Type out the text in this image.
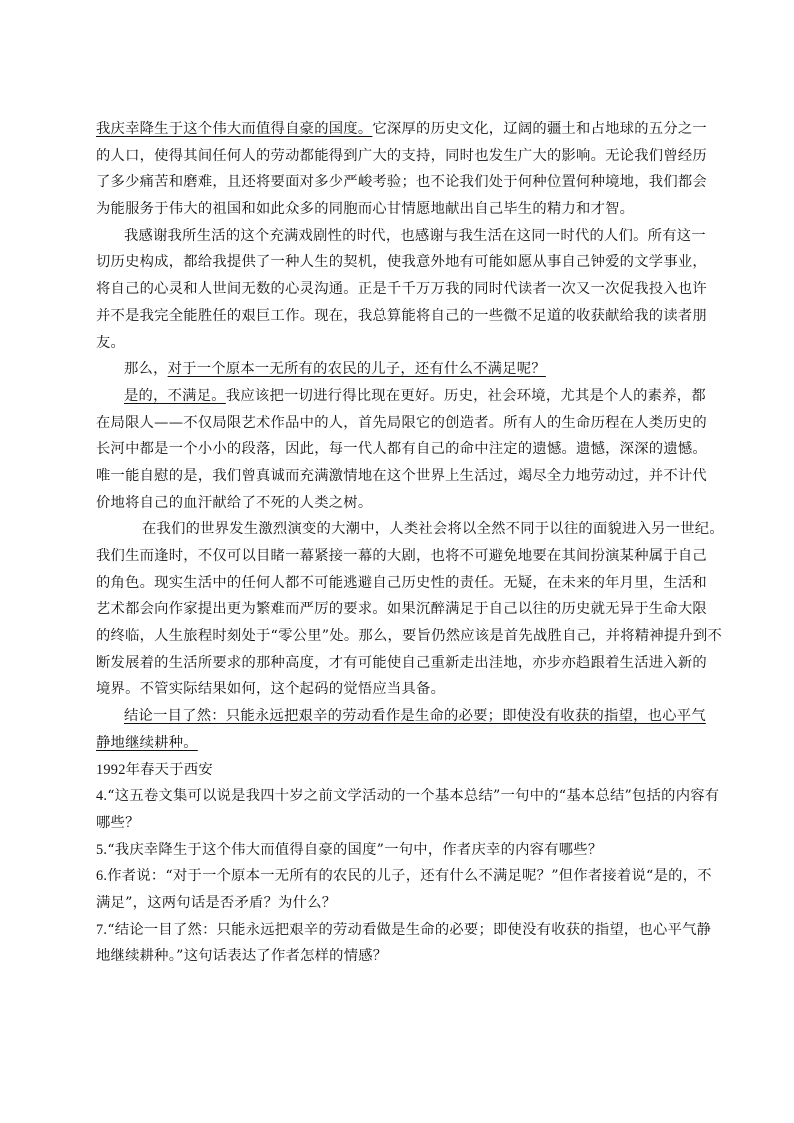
我庆幸降生于这个伟大而值得自豪的国度。它深厚的历史文化，辽阔的疆土和占地球的五分之一
的人口，使得其间任何人的劳动都能得到广大的支持，同时也发生广大的影响。无论我们曾经历
了多少痛苦和磨难，且还将要面对多少严峻考验；也不论我们处于何种位置何种境地，我们都会
为能服务于伟大的祖国和如此众多的同胞而心甘情愿地献出自己毕生的精力和才智。
我感谢我所生活的这个充满戏剧性的时代，也感谢与我生活在这同一时代的人们。所有这一
切历史构成，都给我提供了一种人生的契机，使我意外地有可能如愿从事自己钟爱的文学事业，
将自己的心灵和人世间无数的心灵沟通。正是千千万万我的同时代读者一次又一次促我投入也许
并不是我完全能胜任的艰巨工作。现在，我总算能将自己的一些微不足道的收获献给我的读者朋
友。
那么，对于一个原本一无所有的农民的儿子，还有什么不满足呢？
是的，不满足。我应该把一切进行得比现在更好。历史，社会环境，尤其是个人的素养，都
在局限人——不仅局限艺术作品中的人，首先局限它的创造者。所有人的生命历程在人类历史的
长河中都是一个小小的段落，因此，每一代人都有自己的命中注定的遗憾。遗憾，深深的遗憾。
唯一能自慰的是，我们曾真诚而充满激情地在这个世界上生活过，竭尽全力地劳动过，并不计代
价地将自己的血汗献给了不死的人类之树。
在我们的世界发生激烈演变的大潮中，人类社会将以全然不同于以往的面貌进入另一世纪。
我们生而逢时，不仅可以目睹一幕紧接一幕的大剧，也将不可避免地要在其间扮演某种属于自己
的角色。现实生活中的任何人都不可能逃避自己历史性的责任。无疑，在未来的年月里，生活和
艺术都会向作家提出更为繁难而严厉的要求。如果沉醉满足于自己以往的历史就无异于生命大限
的终临，人生旅程时刻处于“零公里”处。那么，要旨仍然应该是首先战胜自己，并将精神提升到不
断发展着的生活所要求的那种高度，才有可能使自己重新走出洼地，亦步亦趋跟着生活进入新的
境界。不管实际结果如何，这个起码的觉悟应当具备。
结论一目了然：只能永远把艰辛的劳动看作是生命的必要；即使没有收获的指望，也心平气
静地继续耕种。
1992年春天于西安
4.“这五卷文集可以说是我四十岁之前文学活动的一个基本总结”一句中的“基本总结”包括的内容有
哪些？
5.“我庆幸降生于这个伟大而值得自豪的国度”一句中，作者庆幸的内容有哪些？
6.作者说：“对于一个原本一无所有的农民的儿子，还有什么不满足呢？”但作者接着说“是的，不
满足”，这两句话是否矛盾？为什么？
7.“结论一目了然：只能永远把艰辛的劳动看做是生命的必要；即使没有收获的指望，也心平气静
地继续耕种。”这句话表达了作者怎样的情感？
